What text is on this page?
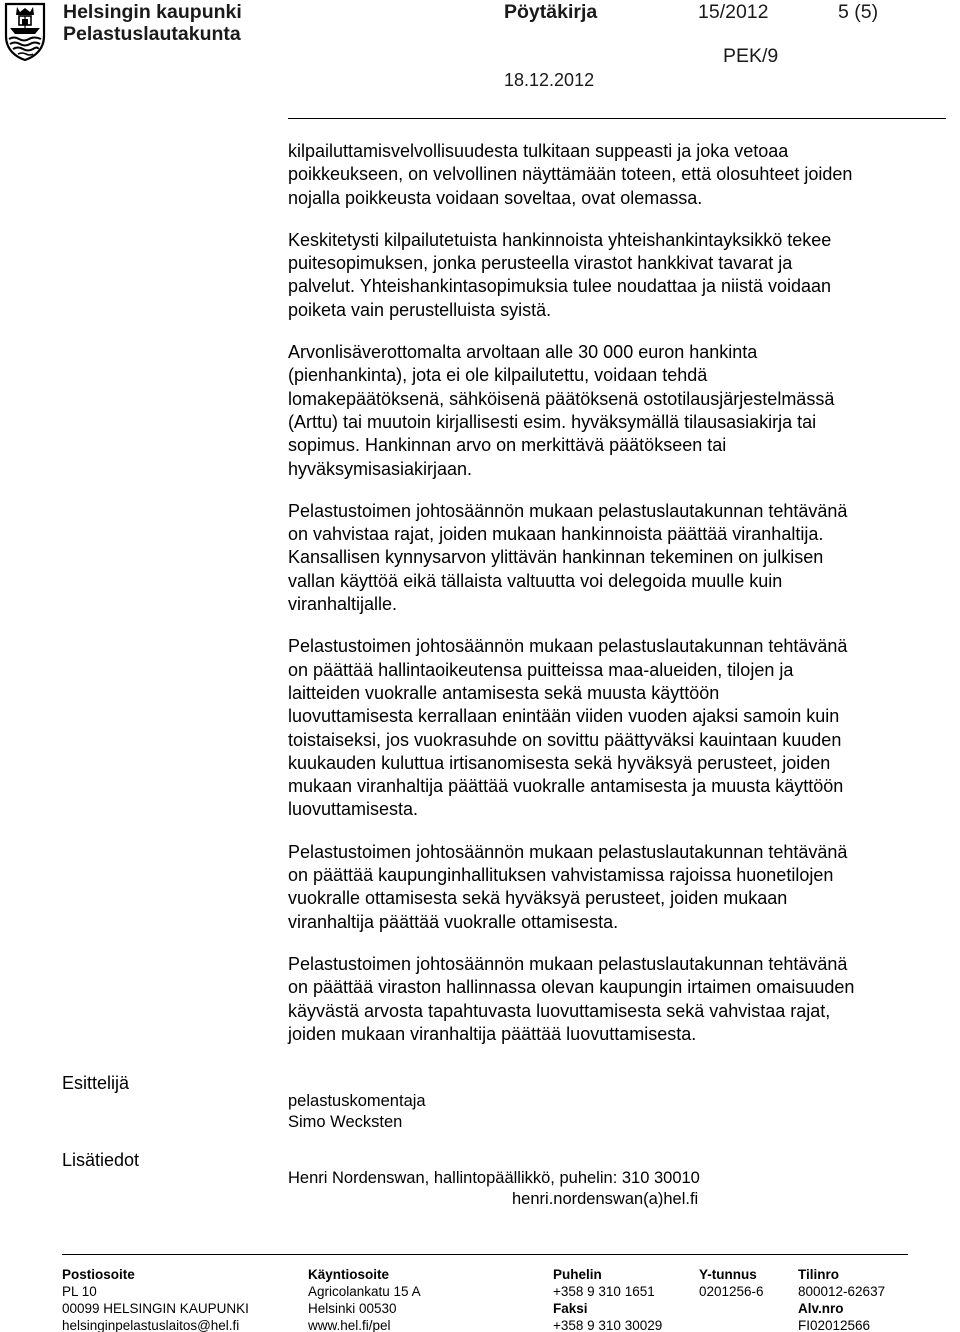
Helsingin kaupunki
Pelastuslautakunta
Pöytäkirja	15/2012	5 (5)
PEK/9
18.12.2012

kilpailuttamisvelvollisuudesta tulkitaan suppeasti ja joka vetoaa
poikkeukseen, on velvollinen näyttämään toteen, että olosuhteet joiden
nojalla poikkeusta voidaan soveltaa, ovat olemassa.

Keskitetysti kilpailutetuista hankinnoista yhteishankintayksikkö tekee
puitesopimuksen, jonka perusteella virastot hankkivat tavarat ja
palvelut. Yhteishankintasopimuksia tulee noudattaa ja niistä voidaan
poiketa vain perustelluista syistä.

Arvonlisäverottomalta arvoltaan alle 30 000 euron hankinta
(pienhankinta), jota ei ole kilpailutettu, voidaan tehdä
lomakepäätöksenä, sähköisenä päätöksenä ostotilausjärjestelmässä
(Arttu) tai muutoin kirjallisesti esim. hyväksymällä tilausasiakirja tai
sopimus. Hankinnan arvo on merkittävä päätökseen tai
hyväksymisasiakirjaan.

Pelastustoimen johtosäännön mukaan pelastuslautakunnan tehtävänä
on vahvistaa rajat, joiden mukaan hankinnoista päättää viranhaltija.
Kansallisen kynnysarvon ylittävän hankinnan tekeminen on julkisen
vallan käyttöä eikä tällaista valtuutta voi delegoida muulle kuin
viranhaltijalle.

Pelastustoimen johtosäännön mukaan pelastuslautakunnan tehtävänä
on päättää hallintaoikeutensa puitteissa maa-alueiden, tilojen ja
laitteiden vuokralle antamisesta sekä muusta käyttöön
luovuttamisesta kerrallaan enintään viiden vuoden ajaksi samoin kuin
toistaiseksi, jos vuokrasuhde on sovittu päättyväksi kauintaan kuuden
kuukauden kuluttua irtisanomisesta sekä hyväksyä perusteet, joiden
mukaan viranhaltija päättää vuokralle antamisesta ja muusta käyttöön
luovuttamisesta.

Pelastustoimen johtosäännön mukaan pelastuslautakunnan tehtävänä
on päättää kaupunginhallituksen vahvistamissa rajoissa huonetilojen
vuokralle ottamisesta sekä hyväksyä perusteet, joiden mukaan
viranhaltija päättää vuokralle ottamisesta.

Pelastustoimen johtosäännön mukaan pelastuslautakunnan tehtävänä
on päättää viraston hallinnassa olevan kaupungin irtaimen omaisuuden
käyvästä arvosta tapahtuvasta luovuttamisesta sekä vahvistaa rajat,
joiden mukaan viranhaltija päättää luovuttamisesta.

Esittelijä
pelastuskomentaja
Simo Wecksten
Lisätiedot
Henri Nordenswan, hallintopäällikkö, puhelin: 310 30010
henri.nordenswan(a)hel.fi
Postiosoite
PL 10
00099 HELSINGIN KAUPUNKI
helsinginpelastuslaitos@hel.fi
Käyntiosoite
Agricolankatu 15 A
Helsinki 00530
www.hel.fi/pel
Puhelin
+358 9 310 1651
Faksi
+358 9 310 30029
Y-tunnus
0201256-6
Tilinro
800012-62637
Alv.nro
FI02012566
